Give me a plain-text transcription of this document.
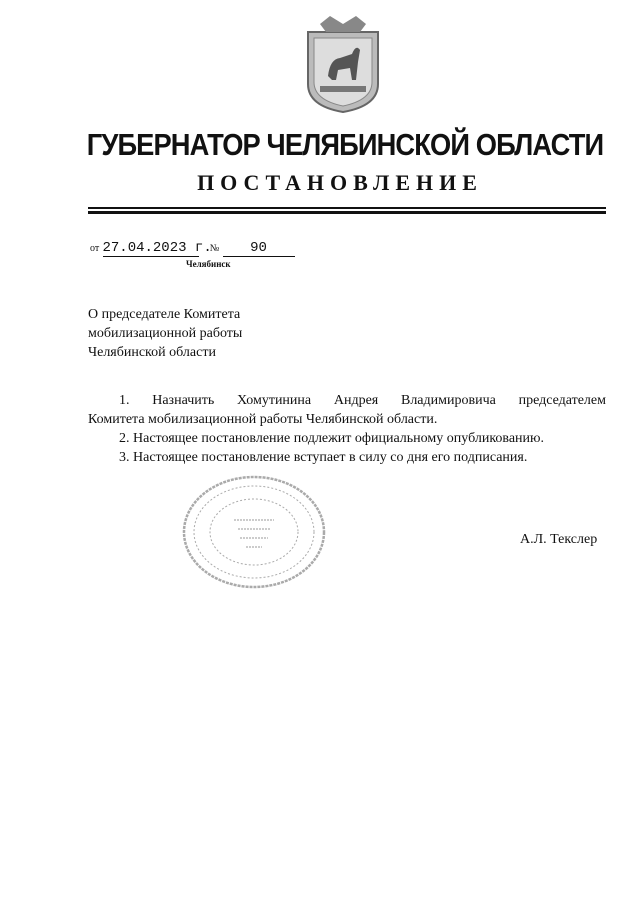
ГУБЕРНАТОР ЧЕЛЯБИНСКОЙ ОБЛАСТИ
ПОСТАНОВЛЕНИЕ
от 27.04.2023 г. № 90
Челябинск
О председателе Комитета
мобилизационной работы
Челябинской области

1. Назначить Хомутинина Андрея Владимировича председателем

Комитета мобилизационной работы Челябинской области.

2. Настоящее постановление подлежит официальному опубликованию.

3. Настоящее постановление вступает в силу со дня его подписания.

А.Л. Текслер
